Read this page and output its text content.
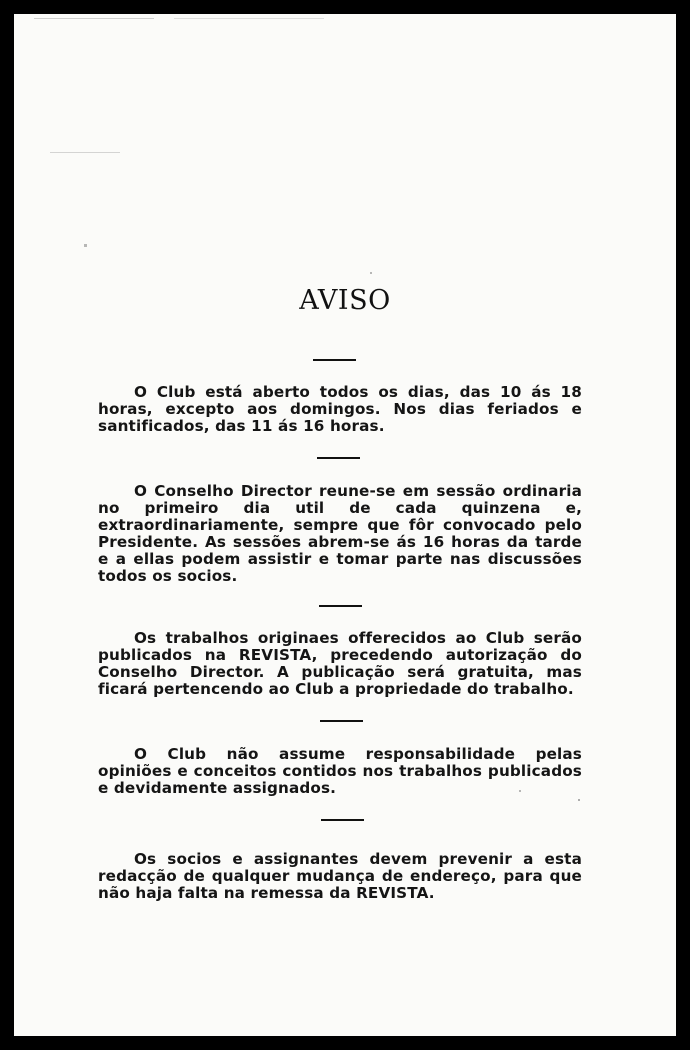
AVISO

O Club está aberto todos os dias, das 10 ás 18 horas, excepto aos domingos. Nos dias feriados e santificados, das 11 ás 16 horas.

O Conselho Director reune-se em sessão ordinaria no primeiro dia util de cada quinzena e, extraordinariamente, sempre que fôr convocado pelo Presidente. As sessões abrem-se ás 16 horas da tarde e a ellas podem assistir e tomar parte nas discussões todos os socios.

Os trabalhos originaes offerecidos ao Club serão publicados na REVISTA, precedendo autorização do Conselho Director. A publicação será gratuita, mas ficará pertencendo ao Club a propriedade do trabalho.

O Club não assume responsabilidade pelas opiniões e conceitos contidos nos trabalhos publicados e devidamente assignados.

Os socios e assignantes devem prevenir a esta redacção de qualquer mudança de endereço, para que não haja falta na remessa da REVISTA.
